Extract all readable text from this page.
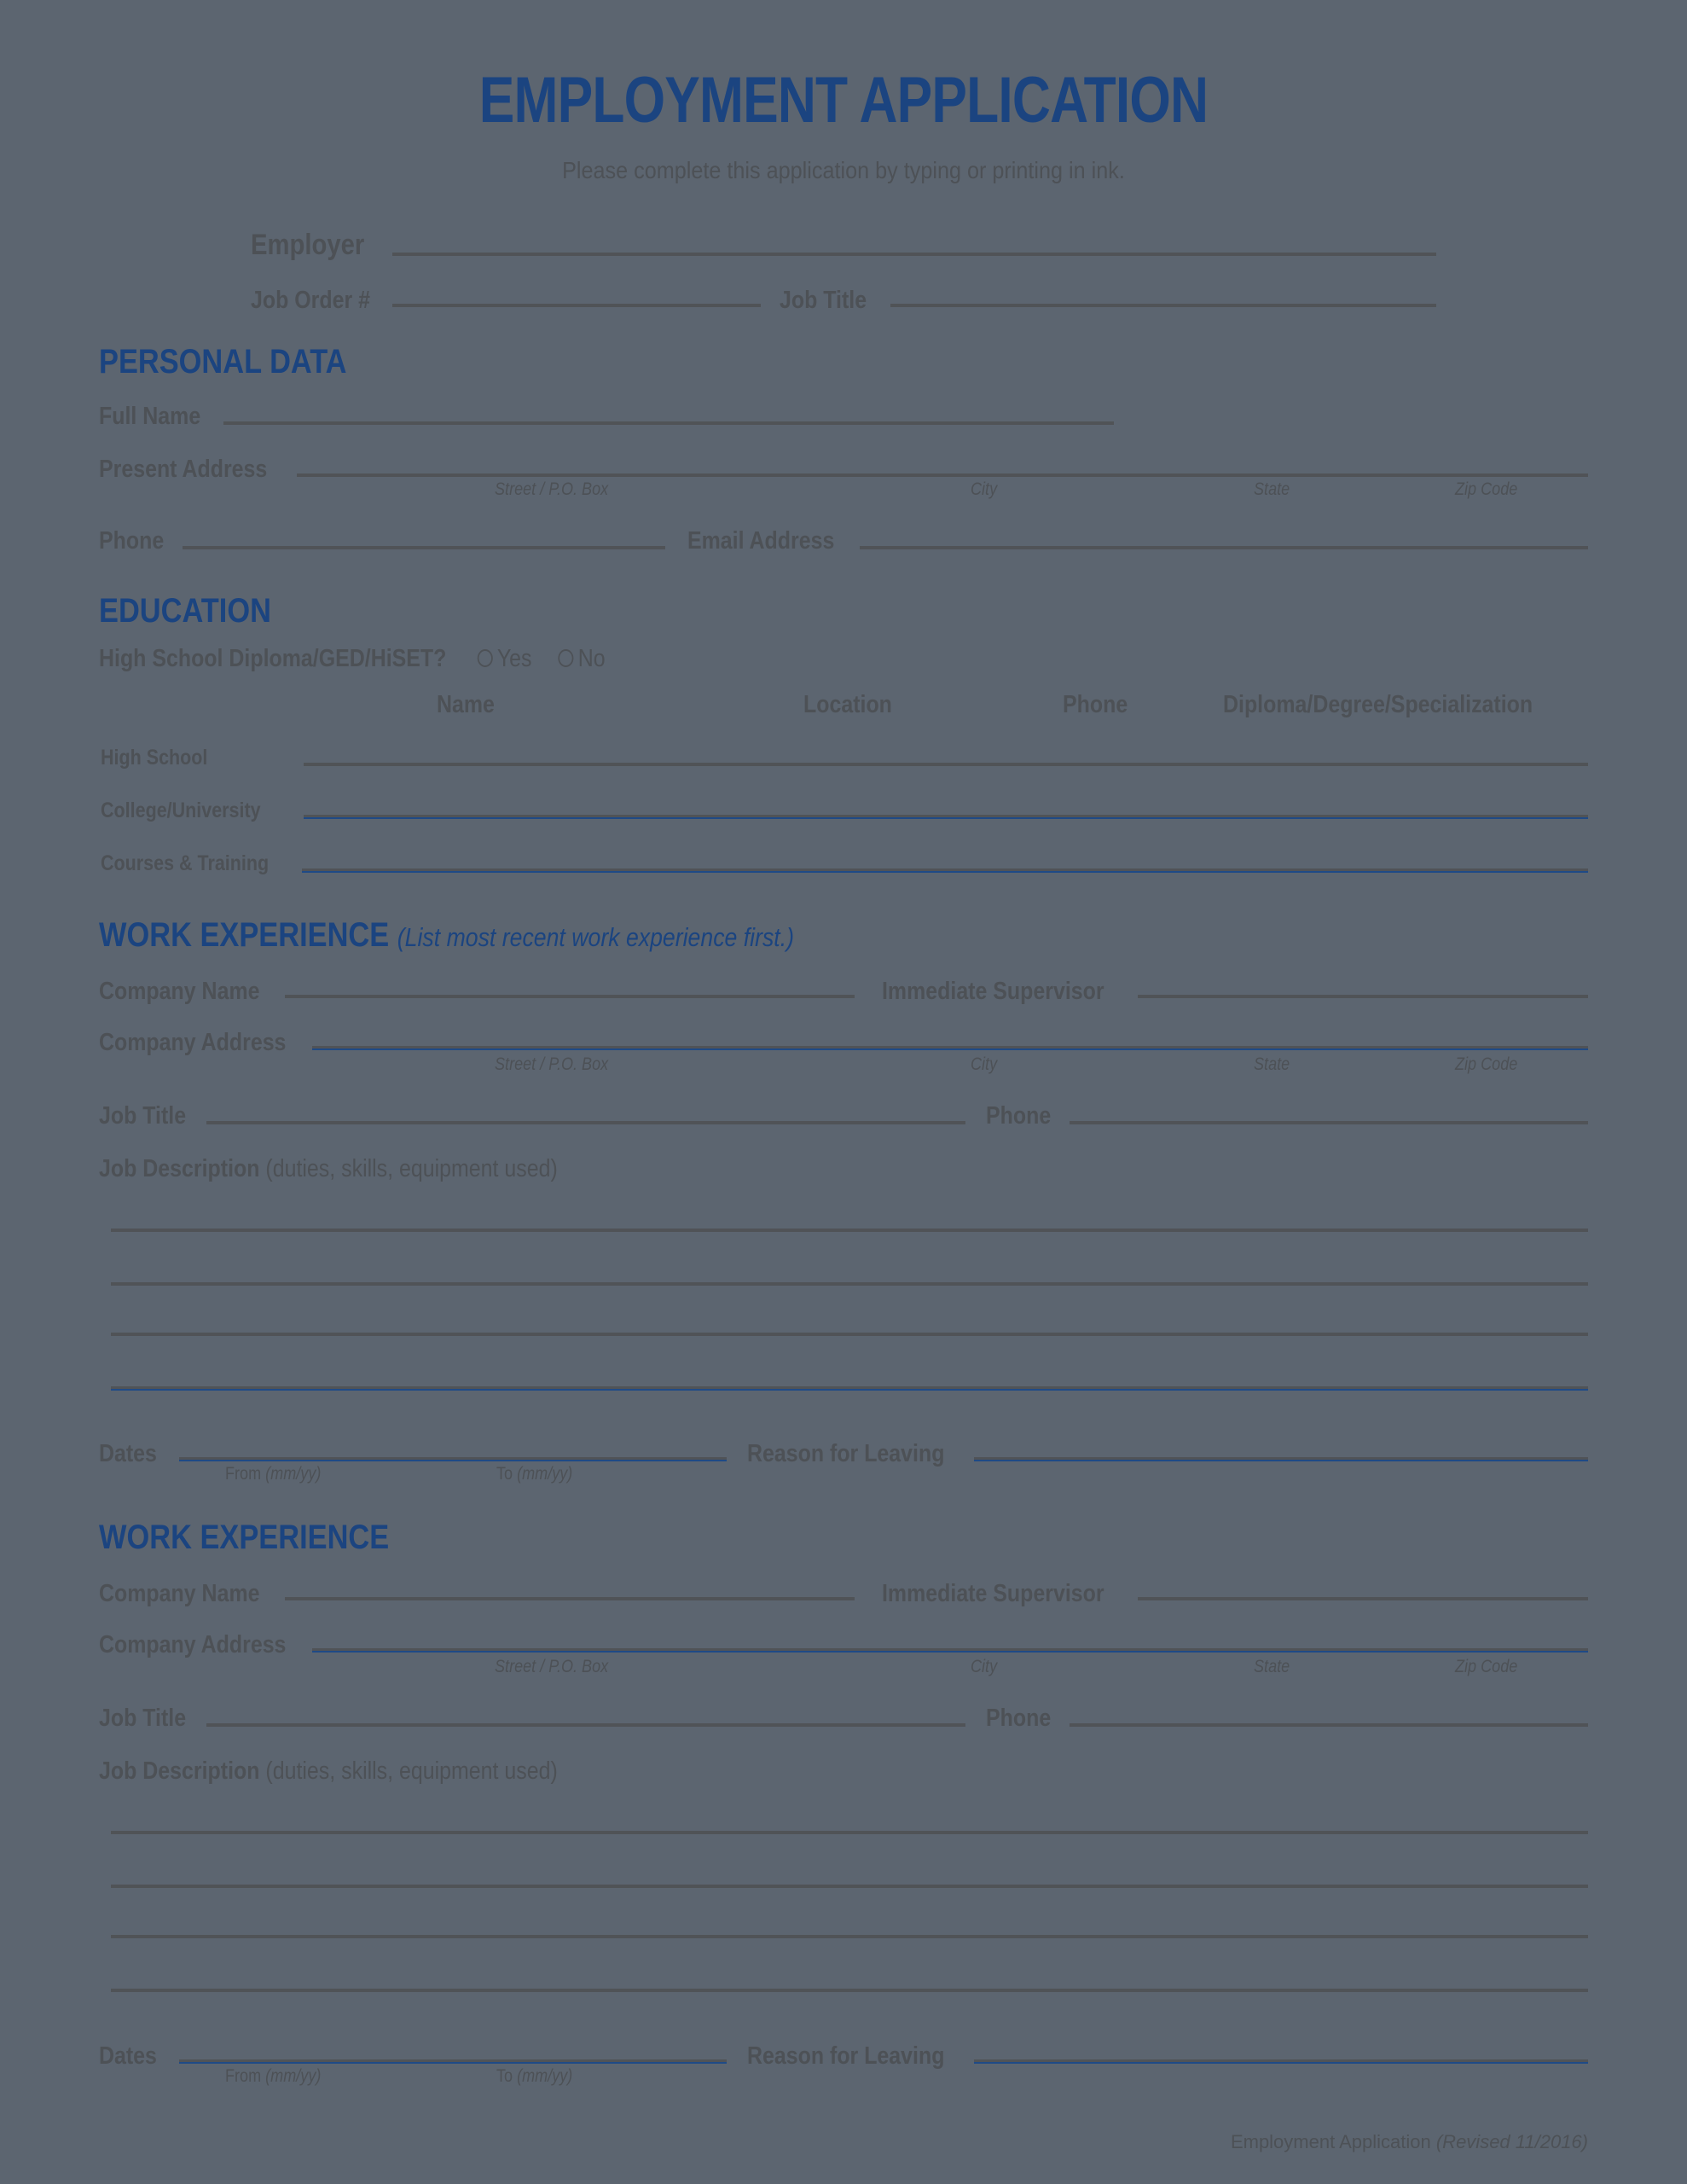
EMPLOYMENT APPLICATION
Please complete this application by typing or printing in ink.
Employer
Job Order #	Job Title
PERSONAL DATA
Full Name
Present Address
Street / P.O. Box	City	State	Zip Code
Phone	Email Address
EDUCATION
High School Diploma/GED/HiSET? Yes No
Name	Location	Phone	Diploma/Degree/Specialization
High School
College/University
Courses & Training
WORK EXPERIENCE (List most recent work experience first.)
Company Name	Immediate Supervisor
Company Address
Street / P.O. Box	City	State	Zip Code
Job Title	Phone
Job Description (duties, skills, equipment used)
Dates
From (mm/yy)	To (mm/yy)
Reason for Leaving
WORK EXPERIENCE
Company Name	Immediate Supervisor
Company Address
Street / P.O. Box	City	State	Zip Code
Job Title	Phone
Job Description (duties, skills, equipment used)
Dates
From (mm/yy)	To (mm/yy)
Reason for Leaving
Employment Application (Revised 11/2016)
